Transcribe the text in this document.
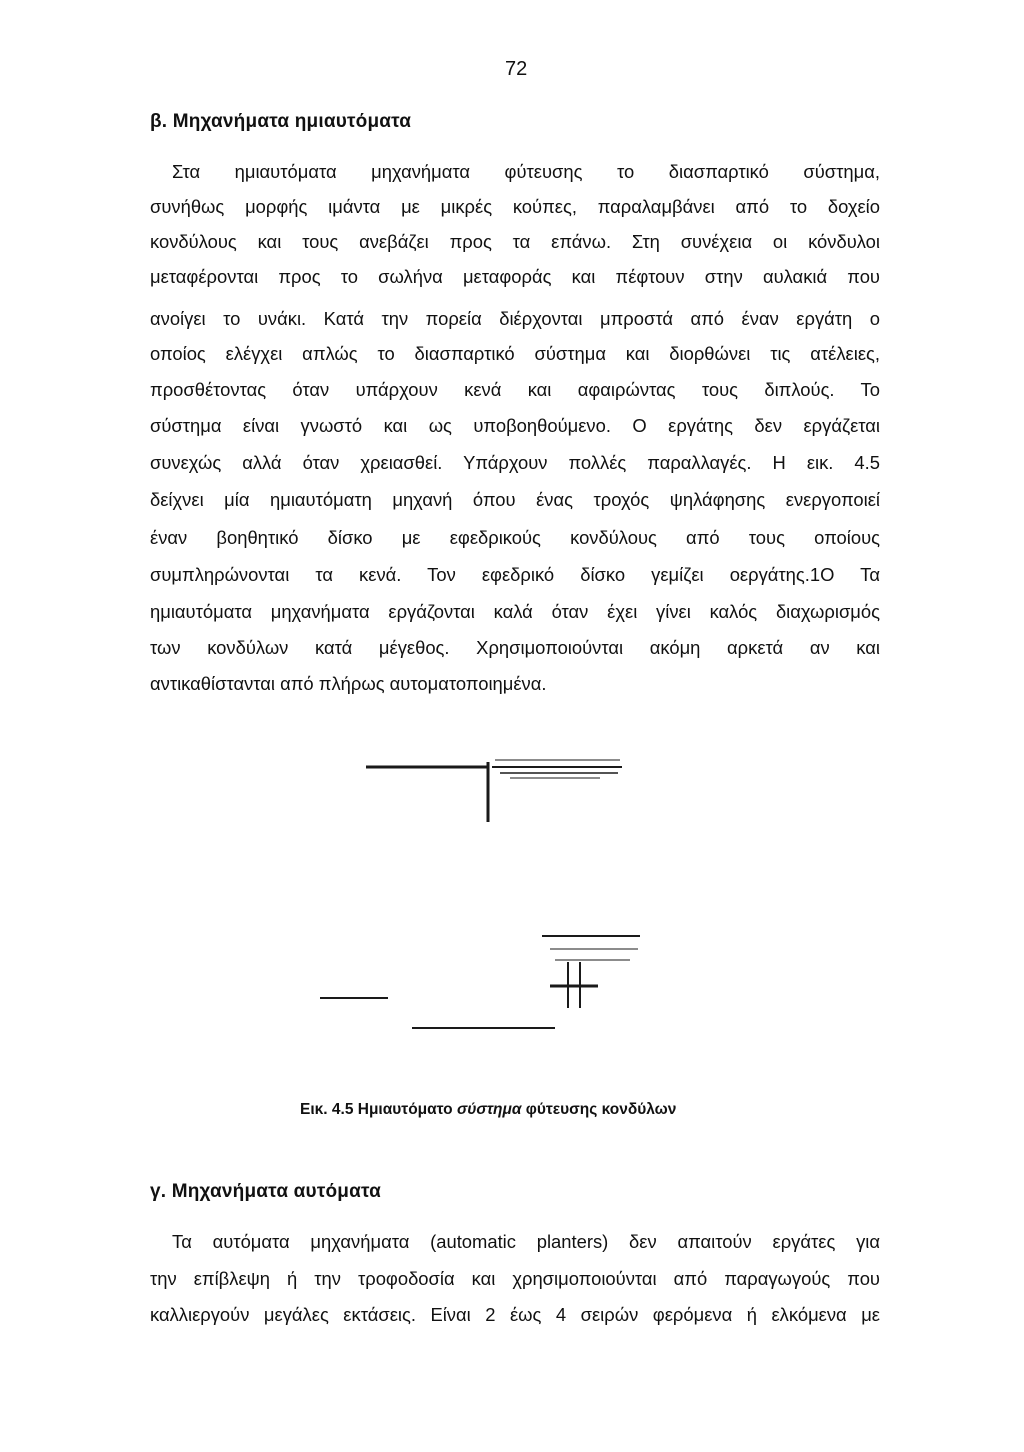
72
β. Μηχανήματα ημιαυτόματα
Στα ημιαυτόματα μηχανήματα φύτευσης το διασπαρτικό σύστημα,
συνήθως μορφής ιμάντα με μικρές κούπες, παραλαμβάνει από το δοχείο
κονδύλους και τους ανεβάζει προς τα επάνω. Στη συνέχεια οι κόνδυλοι
μεταφέρονται προς το σωλήνα μεταφοράς και πέφτουν στην αυλακιά που
ανοίγει το υνάκι. Κατά την πορεία διέρχονται μπροστά από έναν εργάτη ο
οποίος ελέγχει απλώς το διασπαρτικό σύστημα και διορθώνει τις ατέλειες,
προσθέτοντας όταν υπάρχουν κενά και αφαιρώντας τους διπλούς. Το
σύστημα είναι γνωστό και ως υποβοηθούμενο. Ο εργάτης δεν εργάζεται
συνεχώς αλλά όταν χρειασθεί. Υπάρχουν πολλές παραλλαγές. Η εικ. 4.5
δείχνει μία ημιαυτόματη μηχανή όπου ένας τροχός ψηλάφησης ενεργοποιεί
έναν βοηθητικό δίσκο με εφεδρικούς κονδύλους από τους οποίους
συμπληρώνονται τα κενά. Τον εφεδρικό δίσκο γεμίζει οεργάτης.1Ο Τα
ημιαυτόματα μηχανήματα εργάζονται καλά όταν έχει γίνει καλός διαχωρισμός
των κονδύλων κατά μέγεθος. Χρησιμοποιούνται ακόμη αρκετά αν και
αντικαθίστανται από πλήρως αυτοματοποιημένα.
Εικ. 4.5 Ημιαυτόματο σύστημα φύτευσης κονδύλων
γ. Μηχανήματα αυτόματα
Τα αυτόματα μηχανήματα (automatic planters) δεν απαιτούν εργάτες για
την επίβλεψη ή την τροφοδοσία και χρησιμοποιούνται από παραγωγούς που
καλλιεργούν μεγάλες εκτάσεις. Είναι 2 έως 4 σειρών φερόμενα ή ελκόμενα με
